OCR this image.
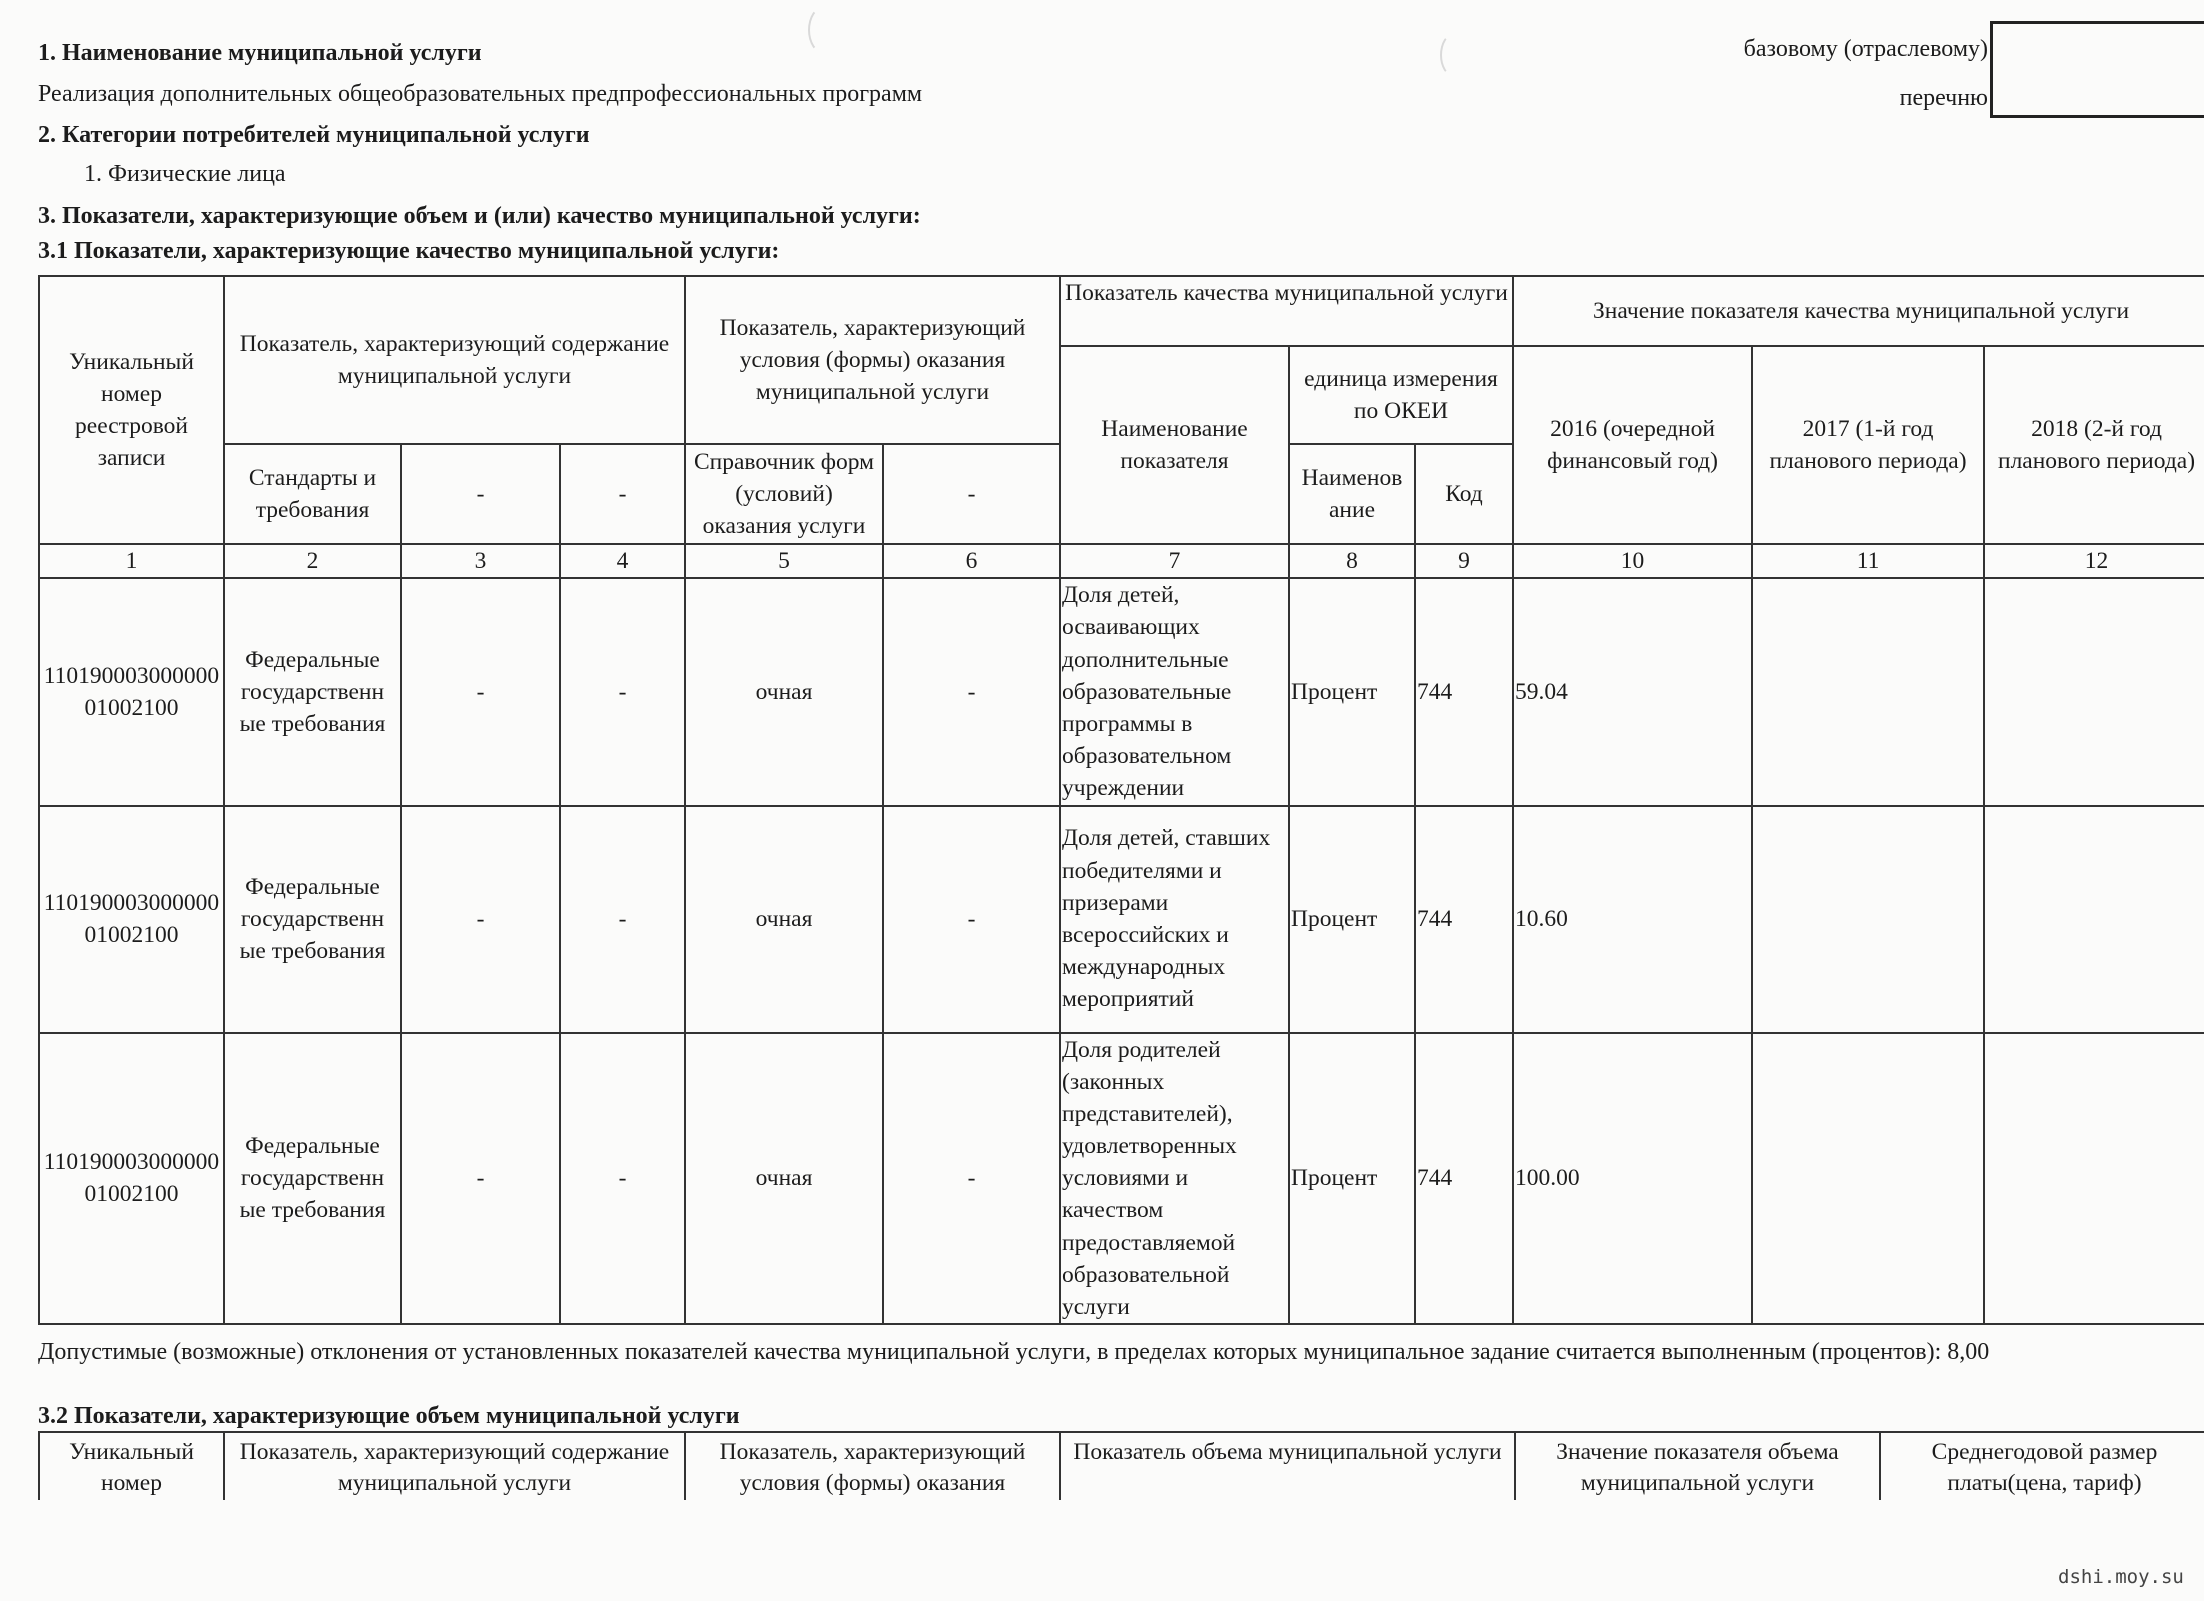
1. Наименование муниципальной услуги
Реализация дополнительных общеобразовательных предпрофессиональных программ
2. Категории потребителей муниципальной услуги
1. Физические лица
3. Показатели, характеризующие объем и (или) качество муниципальной услуги:
3.1 Показатели, характеризующие качество муниципальной услуги:
базовому (отраслевому)
перечню
Уникальный номер реестровой записи	Показатель, характеризующий содержание муниципальной услуги			Показатель, характеризующий условия (формы) оказания муниципальной услуги		Показатель качества муниципальной услуги			Значение показателя качества муниципальной услуги		
						Наименование показателя	единица измерения по ОКЕИ		2016 (очередной финансовый год)	2017 (1-й год планового периода)	2018 (2-й год планового периода)
	Стандарты и требования	-	-	Справочник форм (условий) оказания услуги	-		Наименов ание	Код			
1	2	3	4	5	6	7	8	9	10	11	12
11019000300000001002100	Федеральные государственн ые требования	-	-	очная	-	Доля детей, осваивающих дополнительные образовательные программы в образовательном учреждении	Процент	744	59.04		
11019000300000001002100	Федеральные государственн ые требования	-	-	очная	-	Доля детей, ставших победителями и призерами всероссийских и международных мероприятий	Процент	744	10.60		
11019000300000001002100	Федеральные государственн ые требования	-	-	очная	-	Доля родителей (законных представителей), удовлетворенных условиями и качеством предоставляемой образовательной услуги	Процент	744	100.00		
Допустимые (возможные) отклонения от установленных показателей качества муниципальной услуги, в пределах которых муниципальное задание считается выполненным (процентов): 8,00
3.2 Показатели, характеризующие объем муниципальной услуги
Уникальный номер	Показатель, характеризующий содержание муниципальной услуги	Показатель, характеризующий условия (формы) оказания	Показатель объема муниципальной услуги	Значение показателя объема муниципальной услуги	Среднегодовой размер платы(цена, тариф)
dshi.moy.su
